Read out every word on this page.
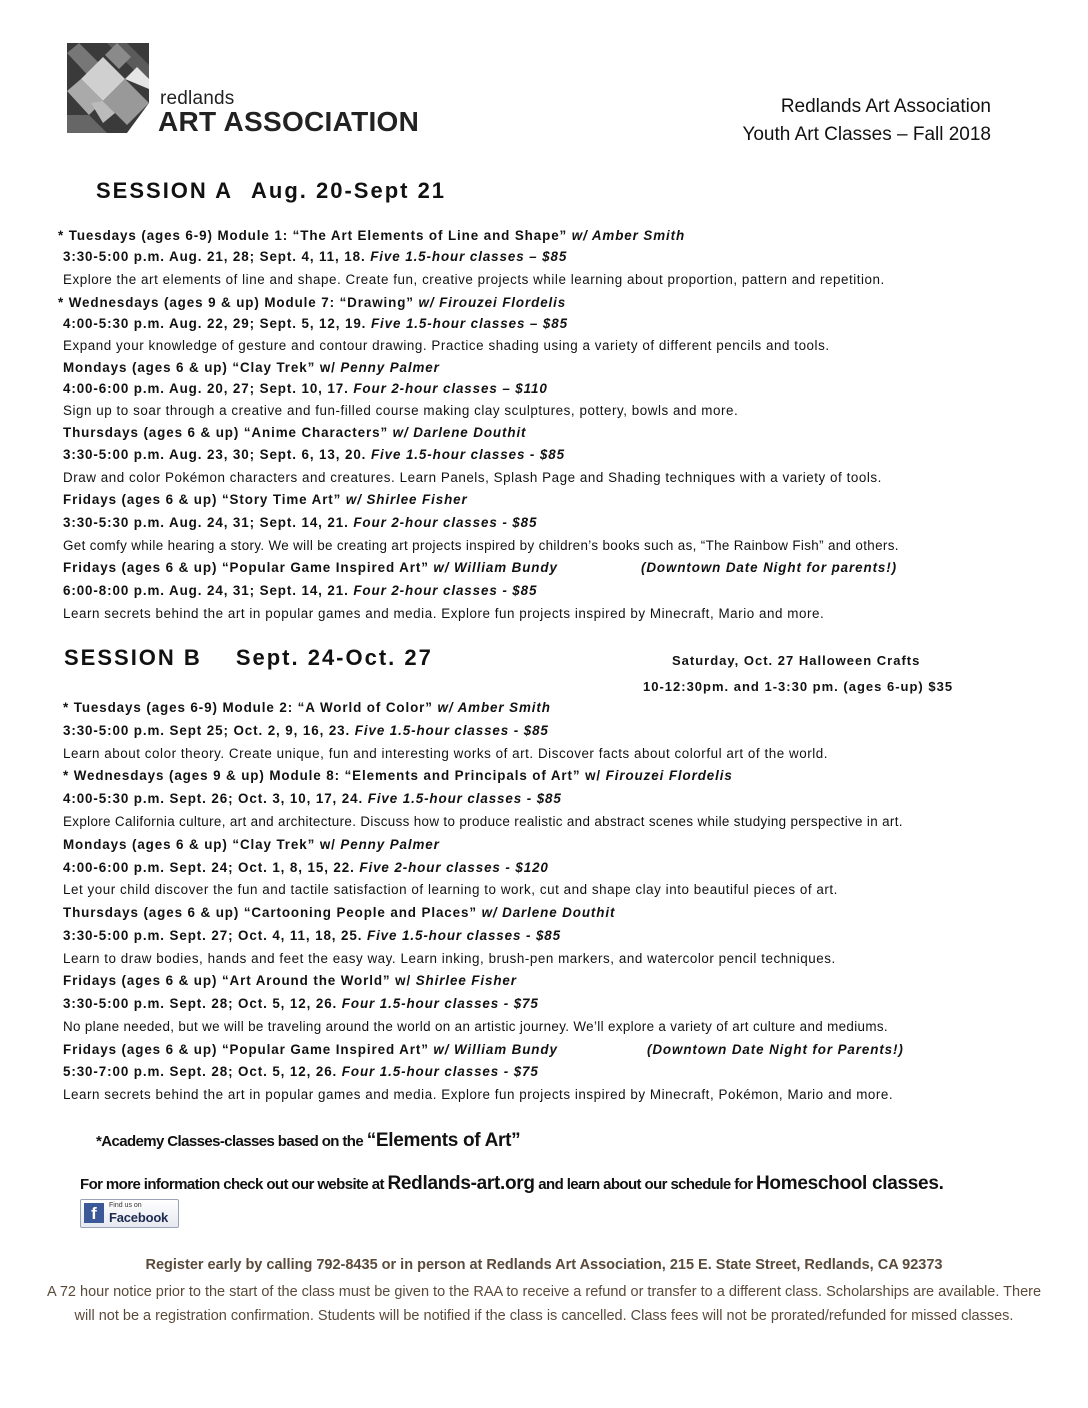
redlands
ART ASSOCIATION	Redlands Art Association
Youth Art Classes – Fall 2018
SESSION A Aug. 20-Sept 21
* Tuesdays (ages 6-9) Module 1: “The Art Elements of Line and Shape” w/ Amber Smith
3:30-5:00 p.m. Aug. 21, 28; Sept. 4, 11, 18. Five 1.5-hour classes – $85
Explore the art elements of line and shape. Create fun, creative projects while learning about proportion, pattern and repetition.
* Wednesdays (ages 9 & up) Module 7: “Drawing” w/ Firouzei Flordelis
4:00-5:30 p.m. Aug. 22, 29; Sept. 5, 12, 19. Five 1.5-hour classes – $85
Expand your knowledge of gesture and contour drawing. Practice shading using a variety of different pencils and tools.
Mondays (ages 6 & up) “Clay Trek” w/ Penny Palmer
4:00-6:00 p.m. Aug. 20, 27; Sept. 10, 17. Four 2-hour classes – $110
Sign up to soar through a creative and fun-filled course making clay sculptures, pottery, bowls and more.
Thursdays (ages 6 & up) “Anime Characters” w/ Darlene Douthit
3:30-5:00 p.m. Aug. 23, 30; Sept. 6, 13, 20. Five 1.5-hour classes - $85
Draw and color Pokémon characters and creatures. Learn Panels, Splash Page and Shading techniques with a variety of tools.
Fridays (ages 6 & up) “Story Time Art” w/ Shirlee Fisher
3:30-5:30 p.m. Aug. 24, 31; Sept. 14, 21. Four 2-hour classes - $85
Get comfy while hearing a story. We will be creating art projects inspired by children’s books such as, “The Rainbow Fish” and others.
Fridays (ages 6 & up) “Popular Game Inspired Art” w/ William Bundy	(Downtown Date Night for parents!)
6:00-8:00 p.m. Aug. 24, 31; Sept. 14, 21. Four 2-hour classes - $85
Learn secrets behind the art in popular games and media. Explore fun projects inspired by Minecraft, Mario and more.
SESSION B Sept. 24-Oct. 27	Saturday, Oct. 27 Halloween Crafts
10-12:30pm. and 1-3:30 pm. (ages 6-up) $35
* Tuesdays (ages 6-9) Module 2: “A World of Color” w/ Amber Smith
3:30-5:00 p.m. Sept 25; Oct. 2, 9, 16, 23. Five 1.5-hour classes - $85
Learn about color theory. Create unique, fun and interesting works of art. Discover facts about colorful art of the world.
* Wednesdays (ages 9 & up) Module 8: “Elements and Principals of Art” w/ Firouzei Flordelis
4:00-5:30 p.m. Sept. 26; Oct. 3, 10, 17, 24. Five 1.5-hour classes - $85
Explore California culture, art and architecture. Discuss how to produce realistic and abstract scenes while studying perspective in art.
Mondays (ages 6 & up) “Clay Trek” w/ Penny Palmer
4:00-6:00 p.m. Sept. 24; Oct. 1, 8, 15, 22. Five 2-hour classes - $120
Let your child discover the fun and tactile satisfaction of learning to work, cut and shape clay into beautiful pieces of art.
Thursdays (ages 6 & up) “Cartooning People and Places” w/ Darlene Douthit
3:30-5:00 p.m. Sept. 27; Oct. 4, 11, 18, 25. Five 1.5-hour classes - $85
Learn to draw bodies, hands and feet the easy way. Learn inking, brush-pen markers, and watercolor pencil techniques.
Fridays (ages 6 & up) “Art Around the World” w/ Shirlee Fisher
3:30-5:00 p.m. Sept. 28; Oct. 5, 12, 26. Four 1.5-hour classes - $75
No plane needed, but we will be traveling around the world on an artistic journey. We’ll explore a variety of art culture and mediums.
Fridays (ages 6 & up) “Popular Game Inspired Art” w/ William Bundy	(Downtown Date Night for Parents!)
5:30-7:00 p.m. Sept. 28; Oct. 5, 12, 26. Four 1.5-hour classes - $75
Learn secrets behind the art in popular games and media. Explore fun projects inspired by Minecraft, Pokémon, Mario and more.
*Academy Classes-classes based on the “Elements of Art”
For more information check out our website at Redlands-art.org and learn about our schedule for Homeschool classes.
f	Find us on
Facebook
Register early by calling 792-8435 or in person at Redlands Art Association, 215 E. State Street, Redlands, CA 92373
A 72 hour notice prior to the start of the class must be given to the RAA to receive a refund or transfer to a different class. Scholarships are available. There will not be a registration confirmation. Students will be notified if the class is cancelled. Class fees will not be prorated/refunded for missed classes.
